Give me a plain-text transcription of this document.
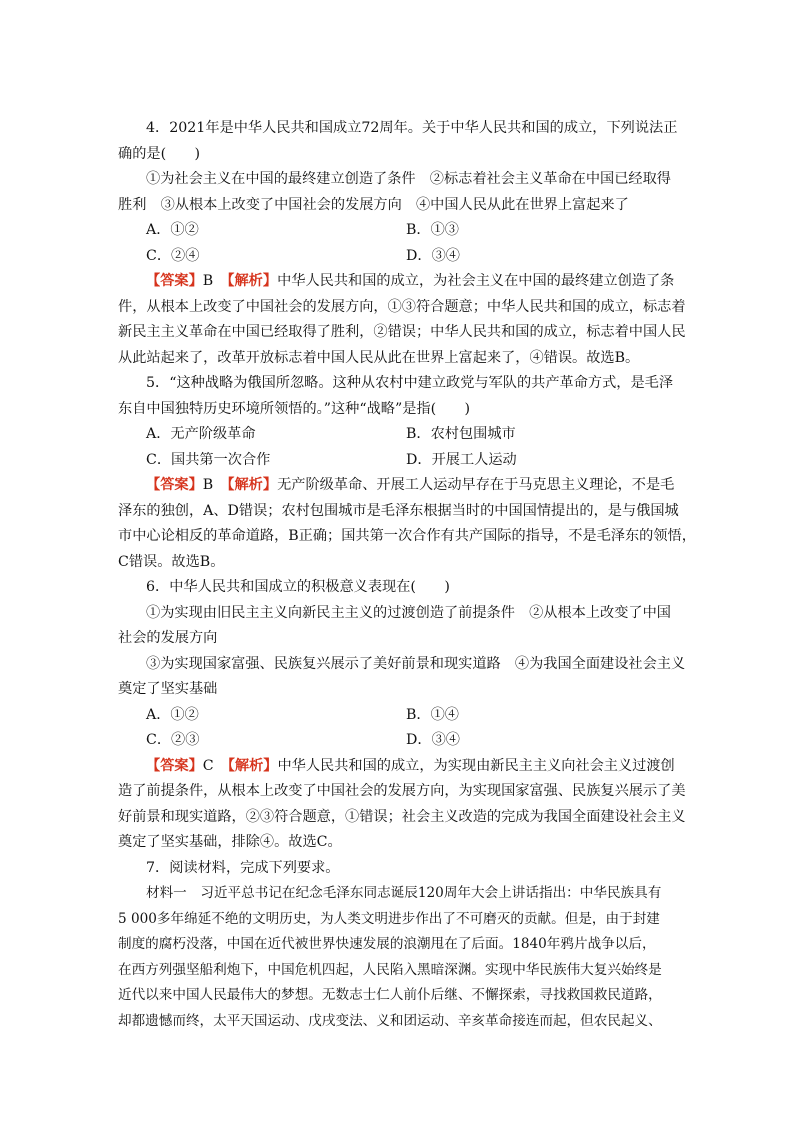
4．2021年是中华人民共和国成立72周年。关于中华人民共和国的成立，下列说法正
确的是(　　)
①为社会主义在中国的最终建立创造了条件　②标志着社会主义革命在中国已经取得
胜利　③从根本上改变了中国社会的发展方向　④中国人民从此在世界上富起来了
A．①②	B．①③
C．②④	D．③④
【答案】B　 【解析】中华人民共和国的成立，为社会主义在中国的最终建立创造了条
件，从根本上改变了中国社会的发展方向，①③符合题意；中华人民共和国的成立，标志着
新民主主义革命在中国已经取得了胜利，②错误；中华人民共和国的成立，标志着中国人民
从此站起来了，改革开放标志着中国人民从此在世界上富起来了，④错误。故选B。
5．“这种战略为俄国所忽略。这种从农村中建立政党与军队的共产革命方式，是毛泽
东自中国独特历史环境所领悟的。”这种“战略”是指(　　)
A．无产阶级革命	B．农村包围城市
C．国共第一次合作	D．开展工人运动
【答案】B　 【解析】无产阶级革命、开展工人运动早存在于马克思主义理论，不是毛
泽东的独创，A、D错误；农村包围城市是毛泽东根据当时的中国国情提出的，是与俄国城
市中心论相反的革命道路，B正确；国共第一次合作有共产国际的指导，不是毛泽东的领悟，
C错误。故选B。
6．中华人民共和国成立的积极意义表现在(　　)
①为实现由旧民主主义向新民主主义的过渡创造了前提条件　②从根本上改变了中国
社会的发展方向
③为实现国家富强、民族复兴展示了美好前景和现实道路　④为我国全面建设社会主义
奠定了坚实基础
A．①②	B．①④
C．②③	D．③④
【答案】C　 【解析】中华人民共和国的成立，为实现由新民主主义向社会主义过渡创
造了前提条件，从根本上改变了中国社会的发展方向，为实现国家富强、民族复兴展示了美
好前景和现实道路，②③符合题意，①错误；社会主义改造的完成为我国全面建设社会主义
奠定了坚实基础，排除④。故选C。
7．阅读材料，完成下列要求。
材料一　习近平总书记在纪念毛泽东同志诞辰120周年大会上讲话指出：中华民族具有
5 000多年绵延不绝的文明历史，为人类文明进步作出了不可磨灭的贡献。但是，由于封建
制度的腐朽没落，中国在近代被世界快速发展的浪潮甩在了后面。1840年鸦片战争以后，
在西方列强坚船利炮下，中国危机四起，人民陷入黑暗深渊。实现中华民族伟大复兴始终是
近代以来中国人民最伟大的梦想。无数志士仁人前仆后继、不懈探索，寻找救国救民道路，
却都遗憾而终，太平天国运动、戊戌变法、义和团运动、辛亥革命接连而起，但农民起义、
